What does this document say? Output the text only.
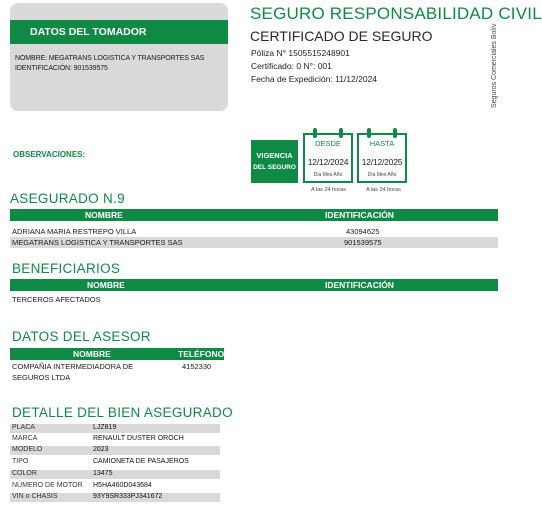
DATOS DEL TOMADOR
NOMBRE: MEGATRANS LOGISTICA Y TRANSPORTES SAS
IDENTIFICACIÓN: 901539575
SEGURO RESPONSABILIDAD CIVIL
CERTIFICADO DE SEGURO
Póliza N° 1505515248901
Certificado: 0 N°: 001
Fecha de Expedición: 11/12/2024	Seguros Comerciales Bolív
OBSERVACIONES:	VIGENCIA
DEL SEGURO
DESDE
12/12/2024
Día Mes Año
HASTA
12/12/2025
Día Mes Año
A las 24 horas	A las 24 horas
ASEGURADO N.9
NOMBRE	IDENTIFICACIÓN
ADRIANA MARIA RESTREPO VILLA	43094625
MEGATRANS LOGISTICA Y TRANSPORTES SAS	901539575
BENEFICIARIOS
NOMBRE	IDENTIFICACIÓN
TERCEROS AFECTADOS
DATOS DEL ASESOR
NOMBRE	TELÉFONO
COMPAÑIA INTERMEDIADORA DE
SEGUROS LTDA
4152330
DETALLE DEL BIEN ASEGURADO
PLACA	LJZ819
MARCA	RENAULT DUSTER OROCH
MODELO	2023
TIPO	CAMIONETA DE PASAJEROS
COLOR	13475
NÚMERO DE MOTOR H5HA460D043684
VIN o CHASIS	93Y9SR333PJ341672
